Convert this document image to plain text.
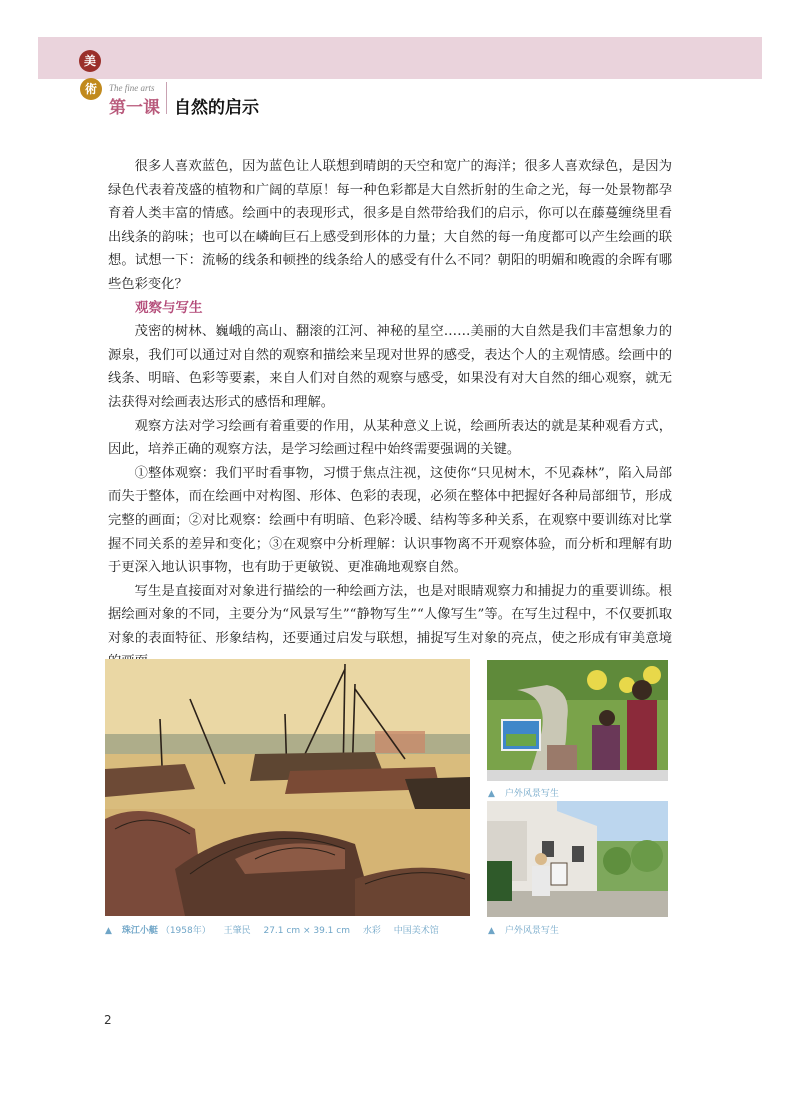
美
術	The fine arts
第一课 自然的启示

很多人喜欢蓝色，因为蓝色让人联想到晴朗的天空和宽广的海洋；很多人喜欢绿色，是因为绿色代表着茂盛的植物和广阔的草原！每一种色彩都是大自然折射的生命之光，每一处景物都孕育着人类丰富的情感。绘画中的表现形式，很多是自然带给我们的启示，你可以在藤蔓缠绕里看出线条的韵味；也可以在嶙峋巨石上感受到形体的力量；大自然的每一角度都可以产生绘画的联想。试想一下：流畅的线条和顿挫的线条给人的感受有什么不同？朝阳的明媚和晚霞的余晖有哪些色彩变化？

观察与写生

茂密的树林、巍峨的高山、翻滚的江河、神秘的星空……美丽的大自然是我们丰富想象力的源泉，我们可以通过对自然的观察和描绘来呈现对世界的感受，表达个人的主观情感。绘画中的线条、明暗、色彩等要素，来自人们对自然的观察与感受，如果没有对大自然的细心观察，就无法获得对绘画表达形式的感悟和理解。

观察方法对学习绘画有着重要的作用，从某种意义上说，绘画所表达的就是某种观看方式，因此，培养正确的观察方法，是学习绘画过程中始终需要强调的关键。

①整体观察：我们平时看事物，习惯于焦点注视，这使你“只见树木，不见森林”，陷入局部而失于整体，而在绘画中对构图、形体、色彩的表现，必须在整体中把握好各种局部细节，形成完整的画面；②对比观察：绘画中有明暗、色彩冷暖、结构等多种关系，在观察中要训练对比掌握不同关系的差异和变化；③在观察中分析理解：认识事物离不开观察体验，而分析和理解有助于更深入地认识事物，也有助于更敏锐、更准确地观察自然。

写生是直接面对对象进行描绘的一种绘画方法，也是对眼睛观察力和捕捉力的重要训练。根据绘画对象的不同，主要分为“风景写生”“静物写生”“人像写生”等。在写生过程中，不仅要抓取对象的表面特征、形象结构，还要通过启发与联想，捕捉写生对象的亮点，使之形成有审美意境

▲ 珠江小艇 （1958年） 王肇民 27.1 cm × 39.1 cm 水彩 中国美术馆
▲ 户外风景写生
▲ 户外风景写生
2
